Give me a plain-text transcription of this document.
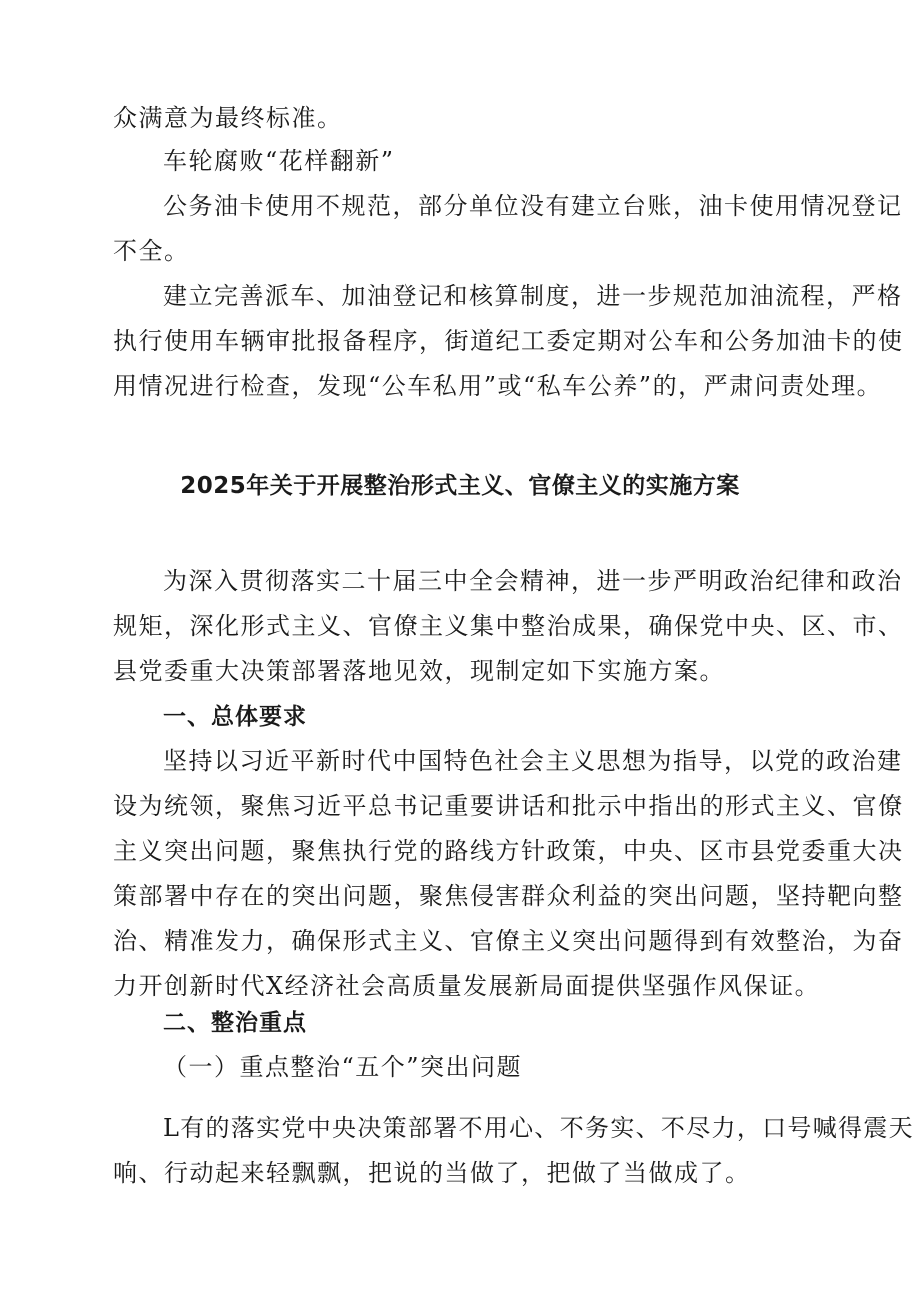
众满意为最终标准。
车轮腐败“花样翻新”
公务油卡使用不规范，部分单位没有建立台账，油卡使用情况登记
不全。
建立完善派车、加油登记和核算制度，进一步规范加油流程，严格
执行使用车辆审批报备程序，街道纪工委定期对公车和公务加油卡的使
用情况进行检查，发现“公车私用”或“私车公养”的，严肃问责处理。
2025年关于开展整治形式主义、官僚主义的实施方案
为深入贯彻落实二十届三中全会精神，进一步严明政治纪律和政治
规矩，深化形式主义、官僚主义集中整治成果，确保党中央、区、市、
县党委重大决策部署落地见效，现制定如下实施方案。
一、总体要求
坚持以习近平新时代中国特色社会主义思想为指导，以党的政治建
设为统领，聚焦习近平总书记重要讲话和批示中指出的形式主义、官僚
主义突出问题，聚焦执行党的路线方针政策，中央、区市县党委重大决
策部署中存在的突出问题，聚焦侵害群众利益的突出问题，坚持靶向整
治、精准发力，确保形式主义、官僚主义突出问题得到有效整治，为奋
力开创新时代X经济社会高质量发展新局面提供坚强作风保证。
二、整治重点
（一）重点整治“五个”突出问题
L有的落实党中央决策部署不用心、不务实、不尽力，口号喊得震天
响、行动起来轻飘飘，把说的当做了，把做了当做成了。
